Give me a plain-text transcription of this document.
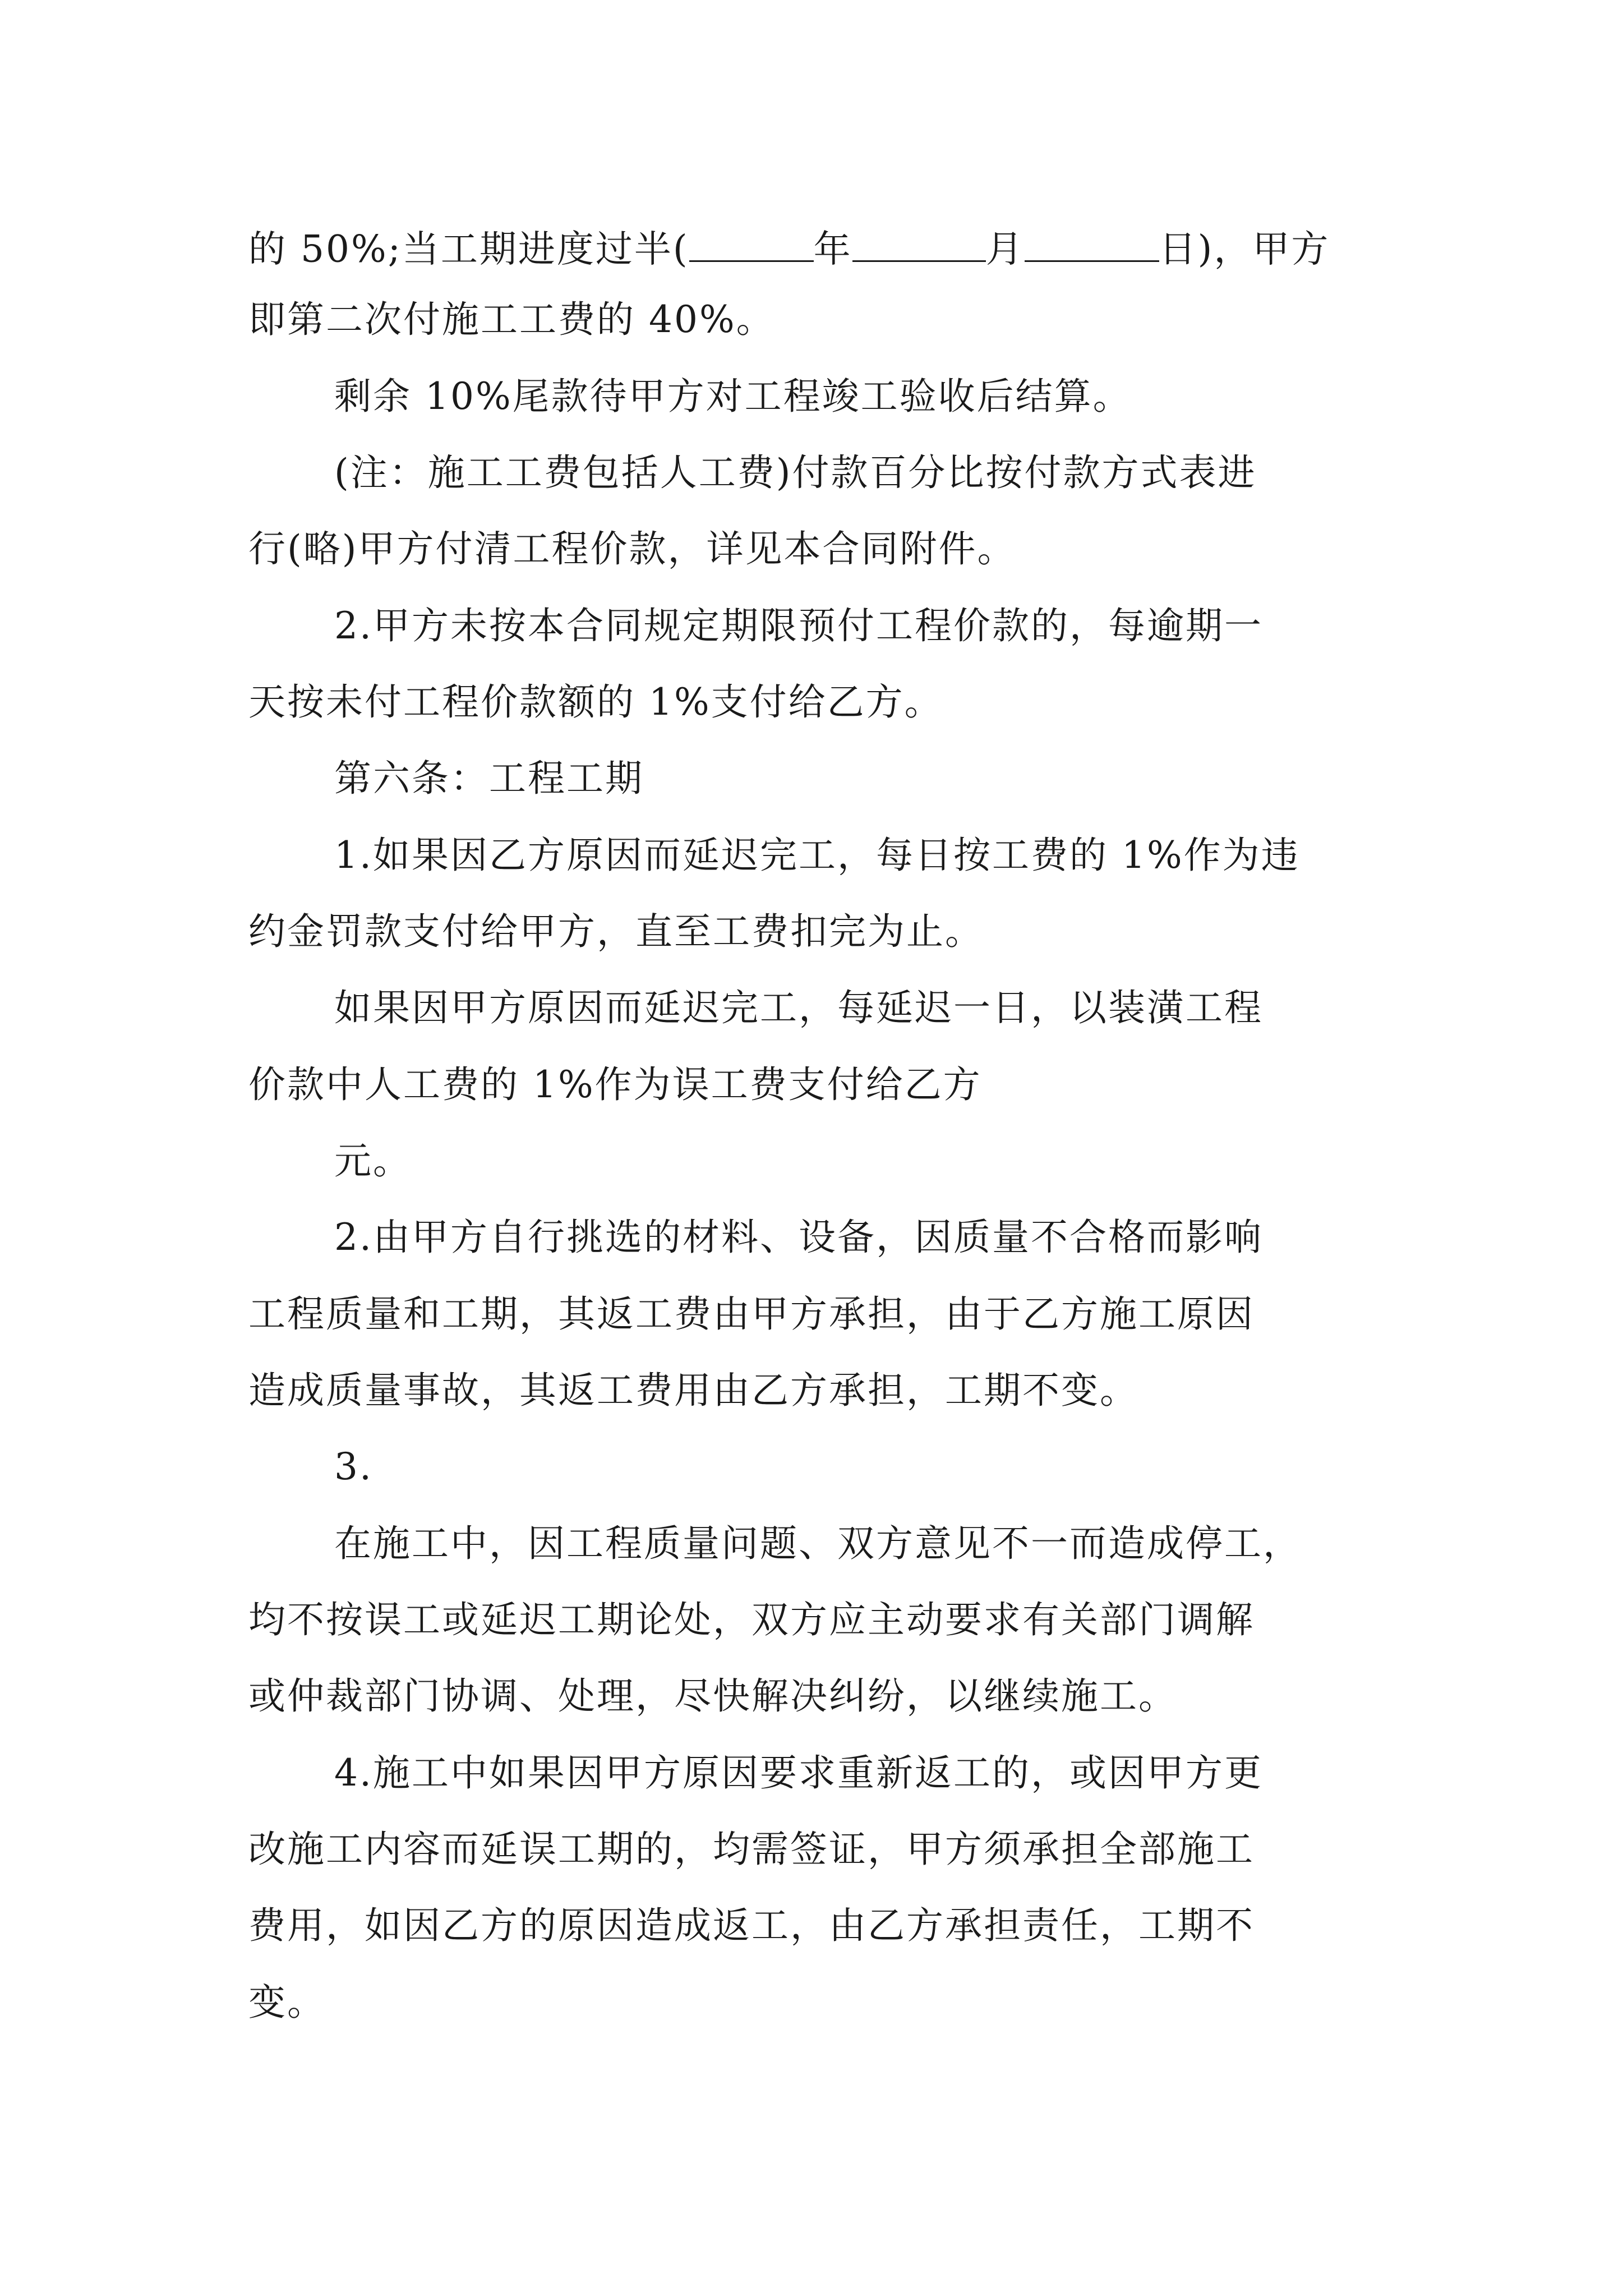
的 50%;当工期进度过半(	年	月	日)，甲方
即第二次付施工工费的 40%。
剩余 10%尾款待甲方对工程竣工验收后结算。
(注：施工工费包括人工费)付款百分比按付款方式表进
行(略)甲方付清工程价款，详见本合同附件。
2.甲方未按本合同规定期限预付工程价款的，每逾期一
天按未付工程价款额的 1%支付给乙方。
第六条：工程工期
1.如果因乙方原因而延迟完工，每日按工费的 1%作为违
约金罚款支付给甲方，直至工费扣完为止。
如果因甲方原因而延迟完工，每延迟一日，以装潢工程
价款中人工费的 1%作为误工费支付给乙方
元。
2.由甲方自行挑选的材料、设备，因质量不合格而影响
工程质量和工期，其返工费由甲方承担，由于乙方施工原因
造成质量事故，其返工费用由乙方承担，工期不变。
3.
在施工中，因工程质量问题、双方意见不一而造成停工，
均不按误工或延迟工期论处，双方应主动要求有关部门调解
或仲裁部门协调、处理，尽快解决纠纷，以继续施工。
4.施工中如果因甲方原因要求重新返工的，或因甲方更
改施工内容而延误工期的，均需签证，甲方须承担全部施工
费用，如因乙方的原因造成返工，由乙方承担责任，工期不
变。
